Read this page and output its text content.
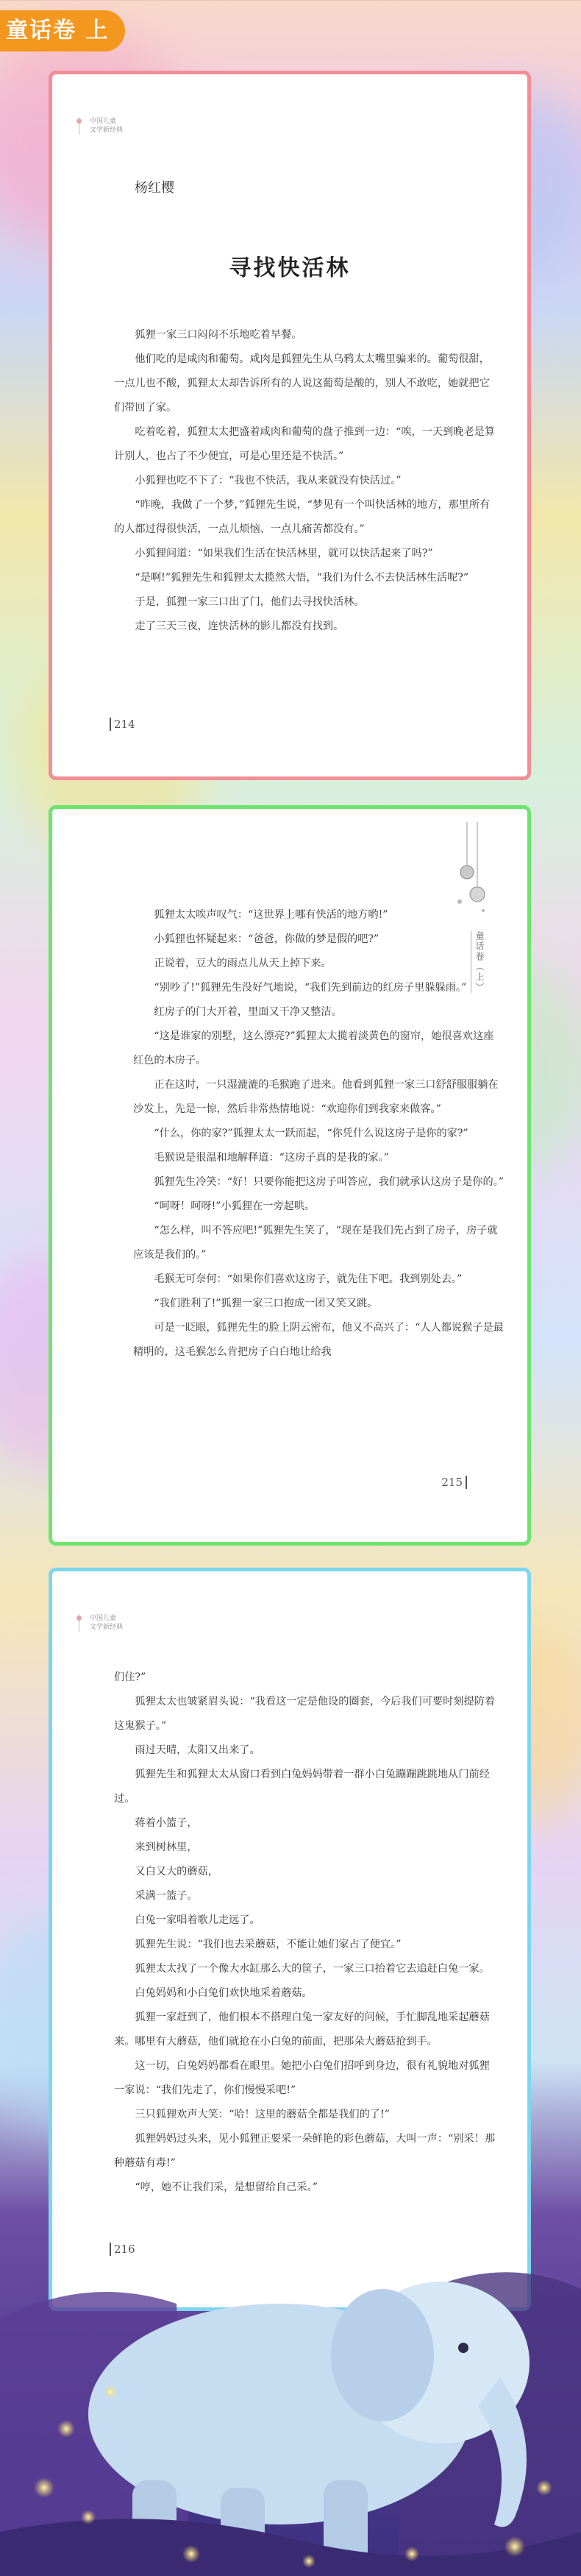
童话卷 上
中国儿童
文学新经典
杨红樱
寻找快活林

狐狸一家三口闷闷不乐地吃着早餐。

他们吃的是咸肉和葡萄。咸肉是狐狸先生从乌鸦太太嘴里骗来的。葡萄很甜，一点儿也不酸，狐狸太太却告诉所有的人说这葡萄是酸的，别人不敢吃，她就把它们带回了家。

吃着吃着，狐狸太太把盛着咸肉和葡萄的盘子推到一边：“唉，一天到晚老是算计别人，也占了不少便宜，可是心里还是不快活。”

小狐狸也吃不下了：“我也不快活，我从来就没有快活过。”

“昨晚，我做了一个梦，”狐狸先生说，“梦见有一个叫快活林的地方，那里所有的人都过得很快活，一点儿烦恼、一点儿痛苦都没有。”

小狐狸问道：“如果我们生活在快活林里，就可以快活起来了吗?”

“是啊!”狐狸先生和狐狸太太揽然大悟，“我们为什么不去快活林生活呢?”

于是，狐狸一家三口出了门，他们去寻找快活林。

走了三天三夜，连快活林的影儿都没有找到。

214
童话卷（上）

狐狸太太唉声叹气：“这世界上哪有快活的地方哟!”

小狐狸也怀疑起来：“爸爸，你做的梦是假的吧?”

正说着，豆大的雨点儿从天上掉下来。

“别吵了!”狐狸先生没好气地说，“我们先到前边的红房子里躲躲雨。”

红房子的门大开着，里面又干净又整洁。

“这是谁家的别墅，这么漂亮?”狐狸太太揽着淡黄色的窗帘，她很喜欢这座红色的木房子。

正在这时，一只湿漉漉的毛猴跑了进来。他看到狐狸一家三口舒舒服服躺在沙发上，先是一惊，然后非常热情地说：“欢迎你们到我家来做客。”

“什么，你的家?”狐狸太太一跃而起，“你凭什么说这房子是你的家?”

毛猴说是很温和地解释道：“这房子真的是我的家。”

狐狸先生冷笑：“好！只要你能把这房子叫答应，我们就承认这房子是你的。”

“呵呀！呵呀!”小狐狸在一旁起哄。

“怎么样，叫不答应吧!”狐狸先生笑了，“现在是我们先占到了房子，房子就应该是我们的。”

毛猴无可奈何：“如果你们喜欢这房子，就先住下吧。我到别处去。”

“我们胜利了!”狐狸一家三口抱成一团又笑又跳。

可是一眨眼，狐狸先生的脸上阴云密布，他又不高兴了：“人人都说猴子是最精明的，这毛猴怎么肯把房子白白地让给我

215
中国儿童
文学新经典

们住?”

狐狸太太也皱紧眉头说：“我看这一定是他设的圈套，今后我们可要时刻提防着这鬼猴子。”

雨过天晴，太阳又出来了。

狐狸先生和狐狸太太从窗口看到白兔妈妈带着一群小白兔蹦蹦跳跳地从门前经过。

蒋着小篮子，

来到树林里，

又白又大的蘑菇，

采满一篮子。

白兔一家唱着歌儿走远了。

狐狸先生说：“我们也去采蘑菇，不能让她们家占了便宜。”

狐狸太太找了一个像大水缸那么大的筐子，一家三口抬着它去追赶白兔一家。

白兔妈妈和小白兔们欢快地采着蘑菇。

狐狸一家赶到了，他们根本不搭理白兔一家友好的问候，手忙脚乱地采起蘑菇来。哪里有大蘑菇，他们就抢在小白兔的前面，把那朵大蘑菇抢到手。

这一切，白兔妈妈都看在眼里。她把小白兔们招呼到身边，很有礼貌地对狐狸一家说：“我们先走了，你们慢慢采吧!”

三只狐狸欢声大笑：“哈！这里的蘑菇全都是我们的了!”

狐狸妈妈过头来，见小狐狸正要采一朵鲜艳的彩色蘑菇，大叫一声：“别采！那种蘑菇有毒!”

“哼，她不让我们采，是想留给自己采。”

216
